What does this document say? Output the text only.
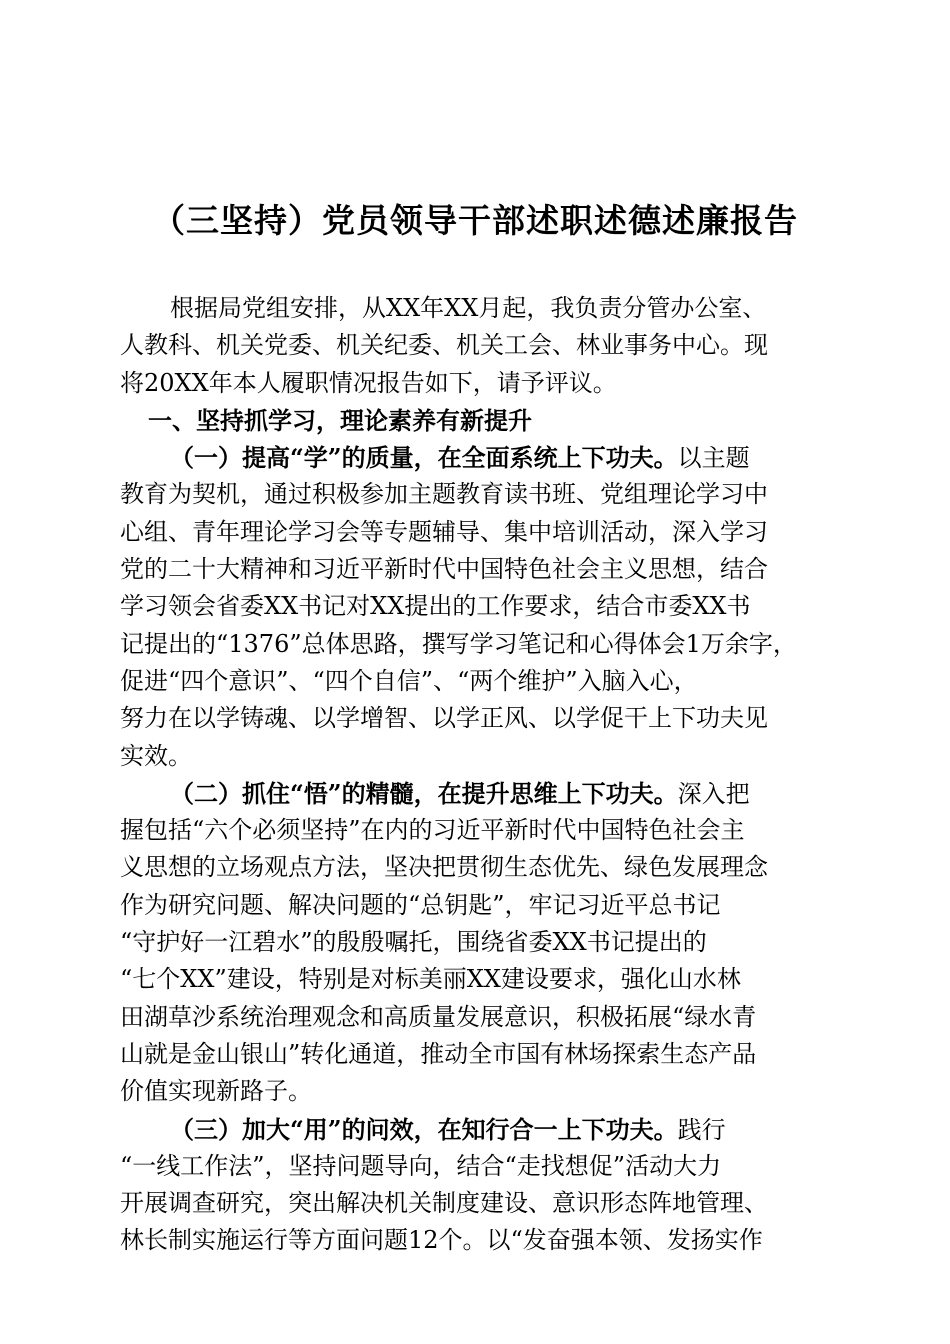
（三坚持）党员领导干部述职述德述廉报告
根据局党组安排，从XX年XX月起，我负责分管办公室、
人教科、机关党委、机关纪委、机关工会、林业事务中心。现
将20XX年本人履职情况报告如下，请予评议。
一、坚持抓学习，理论素养有新提升
（一）提高“学”的质量，在全面系统上下功夫。以主题
教育为契机，通过积极参加主题教育读书班、党组理论学习中
心组、青年理论学习会等专题辅导、集中培训活动，深入学习
党的二十大精神和习近平新时代中国特色社会主义思想，结合
学习领会省委XX书记对XX提出的工作要求，结合市委XX书
记提出的“1376”总体思路，撰写学习笔记和心得体会1万余字，
促进“四个意识”、“四个自信”、“两个维护”入脑入心，
努力在以学铸魂、以学增智、以学正风、以学促干上下功夫见
实效。
（二）抓住“悟”的精髓，在提升思维上下功夫。深入把
握包括“六个必须坚持”在内的习近平新时代中国特色社会主
义思想的立场观点方法，坚决把贯彻生态优先、绿色发展理念
作为研究问题、解决问题的“总钥匙”，牢记习近平总书记
“守护好一江碧水”的殷殷嘱托，围绕省委XX书记提出的
“七个XX”建设，特别是对标美丽XX建设要求，强化山水林
田湖草沙系统治理观念和高质量发展意识，积极拓展“绿水青
山就是金山银山”转化通道，推动全市国有林场探索生态产品
价值实现新路子。
（三）加大“用”的问效，在知行合一上下功夫。践行
“一线工作法”，坚持问题导向，结合“走找想促”活动大力
开展调查研究，突出解决机关制度建设、意识形态阵地管理、
林长制实施运行等方面问题12个。以“发奋强本领、发扬实作
